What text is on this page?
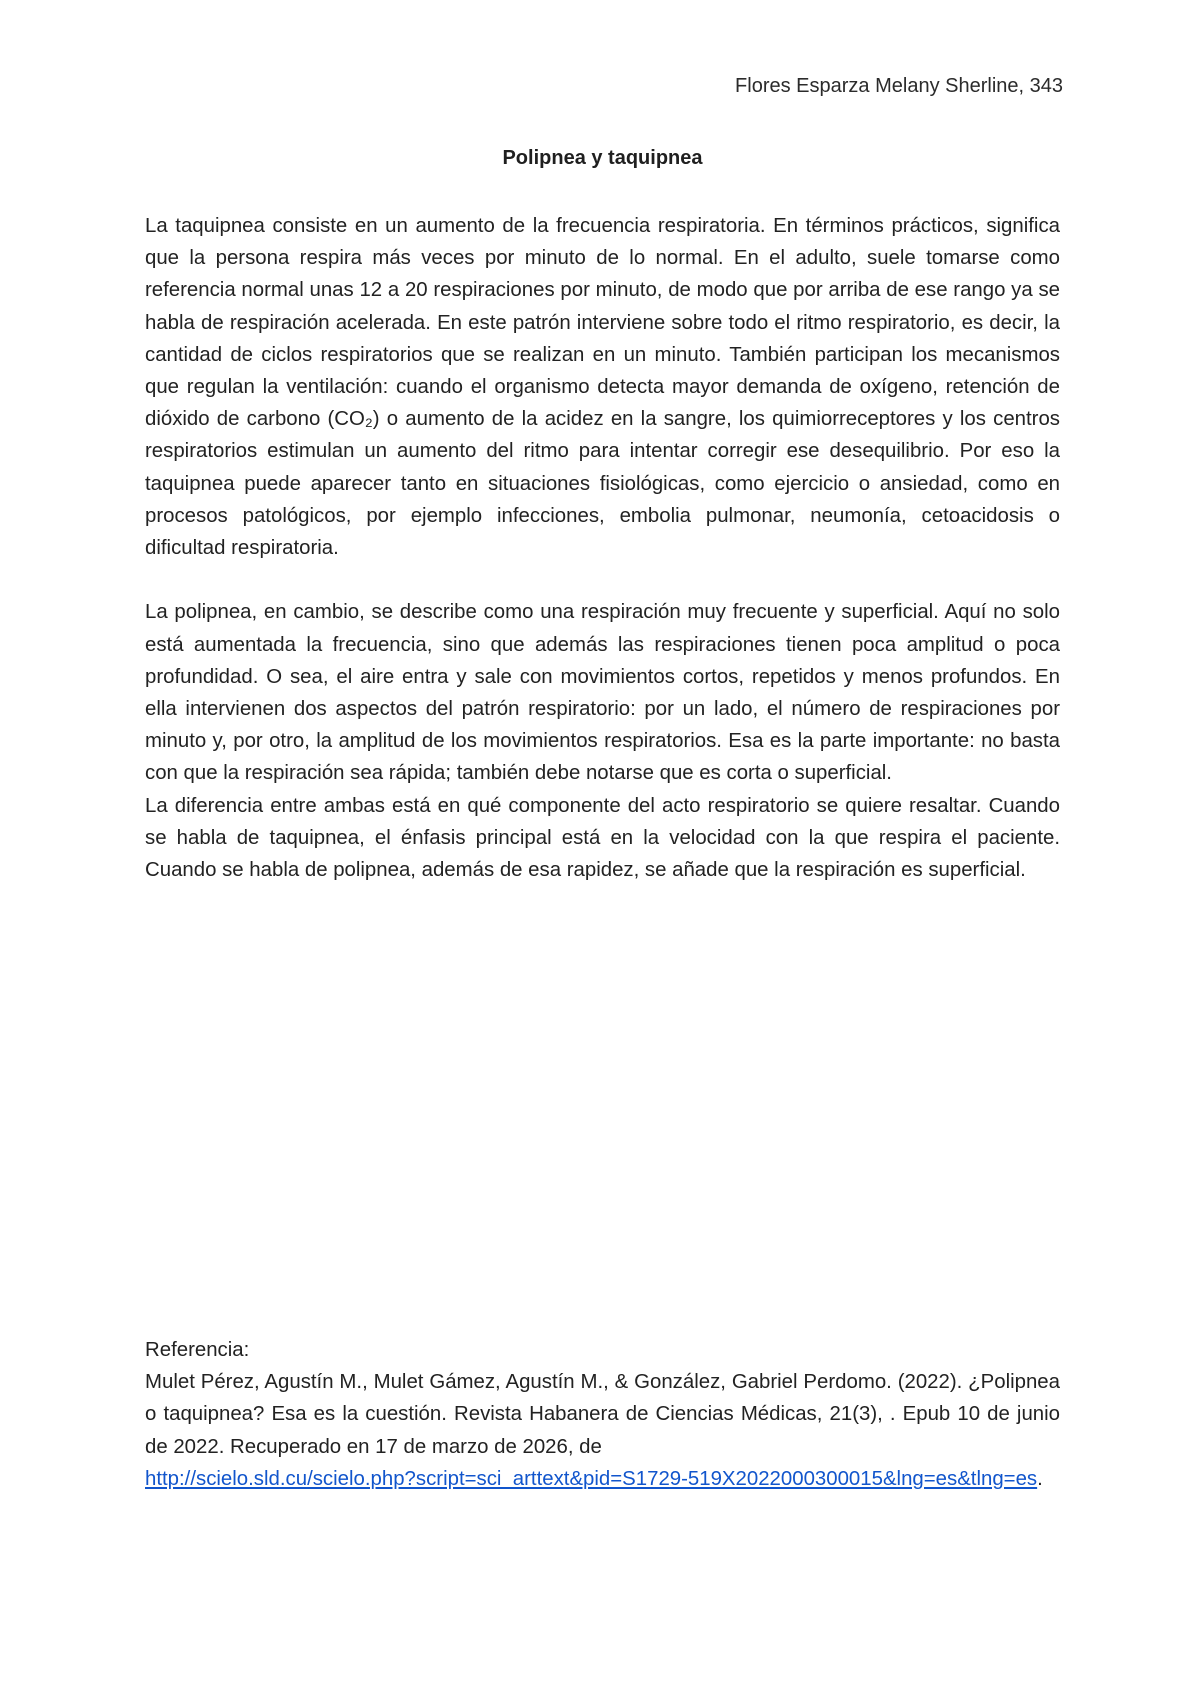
Flores Esparza Melany Sherline, 343
Polipnea y taquipnea

La taquipnea consiste en un aumento de la frecuencia respiratoria. En términos prácticos, significa que la persona respira más veces por minuto de lo normal. En el adulto, suele tomarse como referencia normal unas 12 a 20 respiraciones por minuto, de modo que por arriba de ese rango ya se habla de respiración acelerada. En este patrón interviene sobre todo el ritmo respiratorio, es decir, la cantidad de ciclos respiratorios que se realizan en un minuto. También participan los mecanismos que regulan la ventilación: cuando el organismo detecta mayor demanda de oxígeno, retención de dióxido de carbono (CO₂) o aumento de la acidez en la sangre, los quimiorreceptores y los centros respiratorios estimulan un aumento del ritmo para intentar corregir ese desequilibrio. Por eso la taquipnea puede aparecer tanto en situaciones fisiológicas, como ejercicio o ansiedad, como en procesos patológicos, por ejemplo infecciones, embolia pulmonar, neumonía, cetoacidosis o dificultad respiratoria.

La polipnea, en cambio, se describe como una respiración muy frecuente y superficial. Aquí no solo está aumentada la frecuencia, sino que además las respiraciones tienen poca amplitud o poca profundidad. O sea, el aire entra y sale con movimientos cortos, repetidos y menos profundos. En ella intervienen dos aspectos del patrón respiratorio: por un lado, el número de respiraciones por minuto y, por otro, la amplitud de los movimientos respiratorios. Esa es la parte importante: no basta con que la respiración sea rápida; también debe notarse que es corta o superficial.

La diferencia entre ambas está en qué componente del acto respiratorio se quiere resaltar. Cuando se habla de taquipnea, el énfasis principal está en la velocidad con la que respira el paciente. Cuando se habla de polipnea, además de esa rapidez, se añade que la respiración es superficial.

Referencia:

Mulet Pérez, Agustín M., Mulet Gámez, Agustín M., & González, Gabriel Perdomo. (2022). ¿Polipnea o taquipnea? Esa es la cuestión. Revista Habanera de Ciencias Médicas, 21(3), . Epub 10 de junio de 2022. Recuperado en 17 de marzo de 2026, de

http://scielo.sld.cu/scielo.php?script=sci_arttext&pid=S1729-519X2022000300015&lng=es&tlng=es.
